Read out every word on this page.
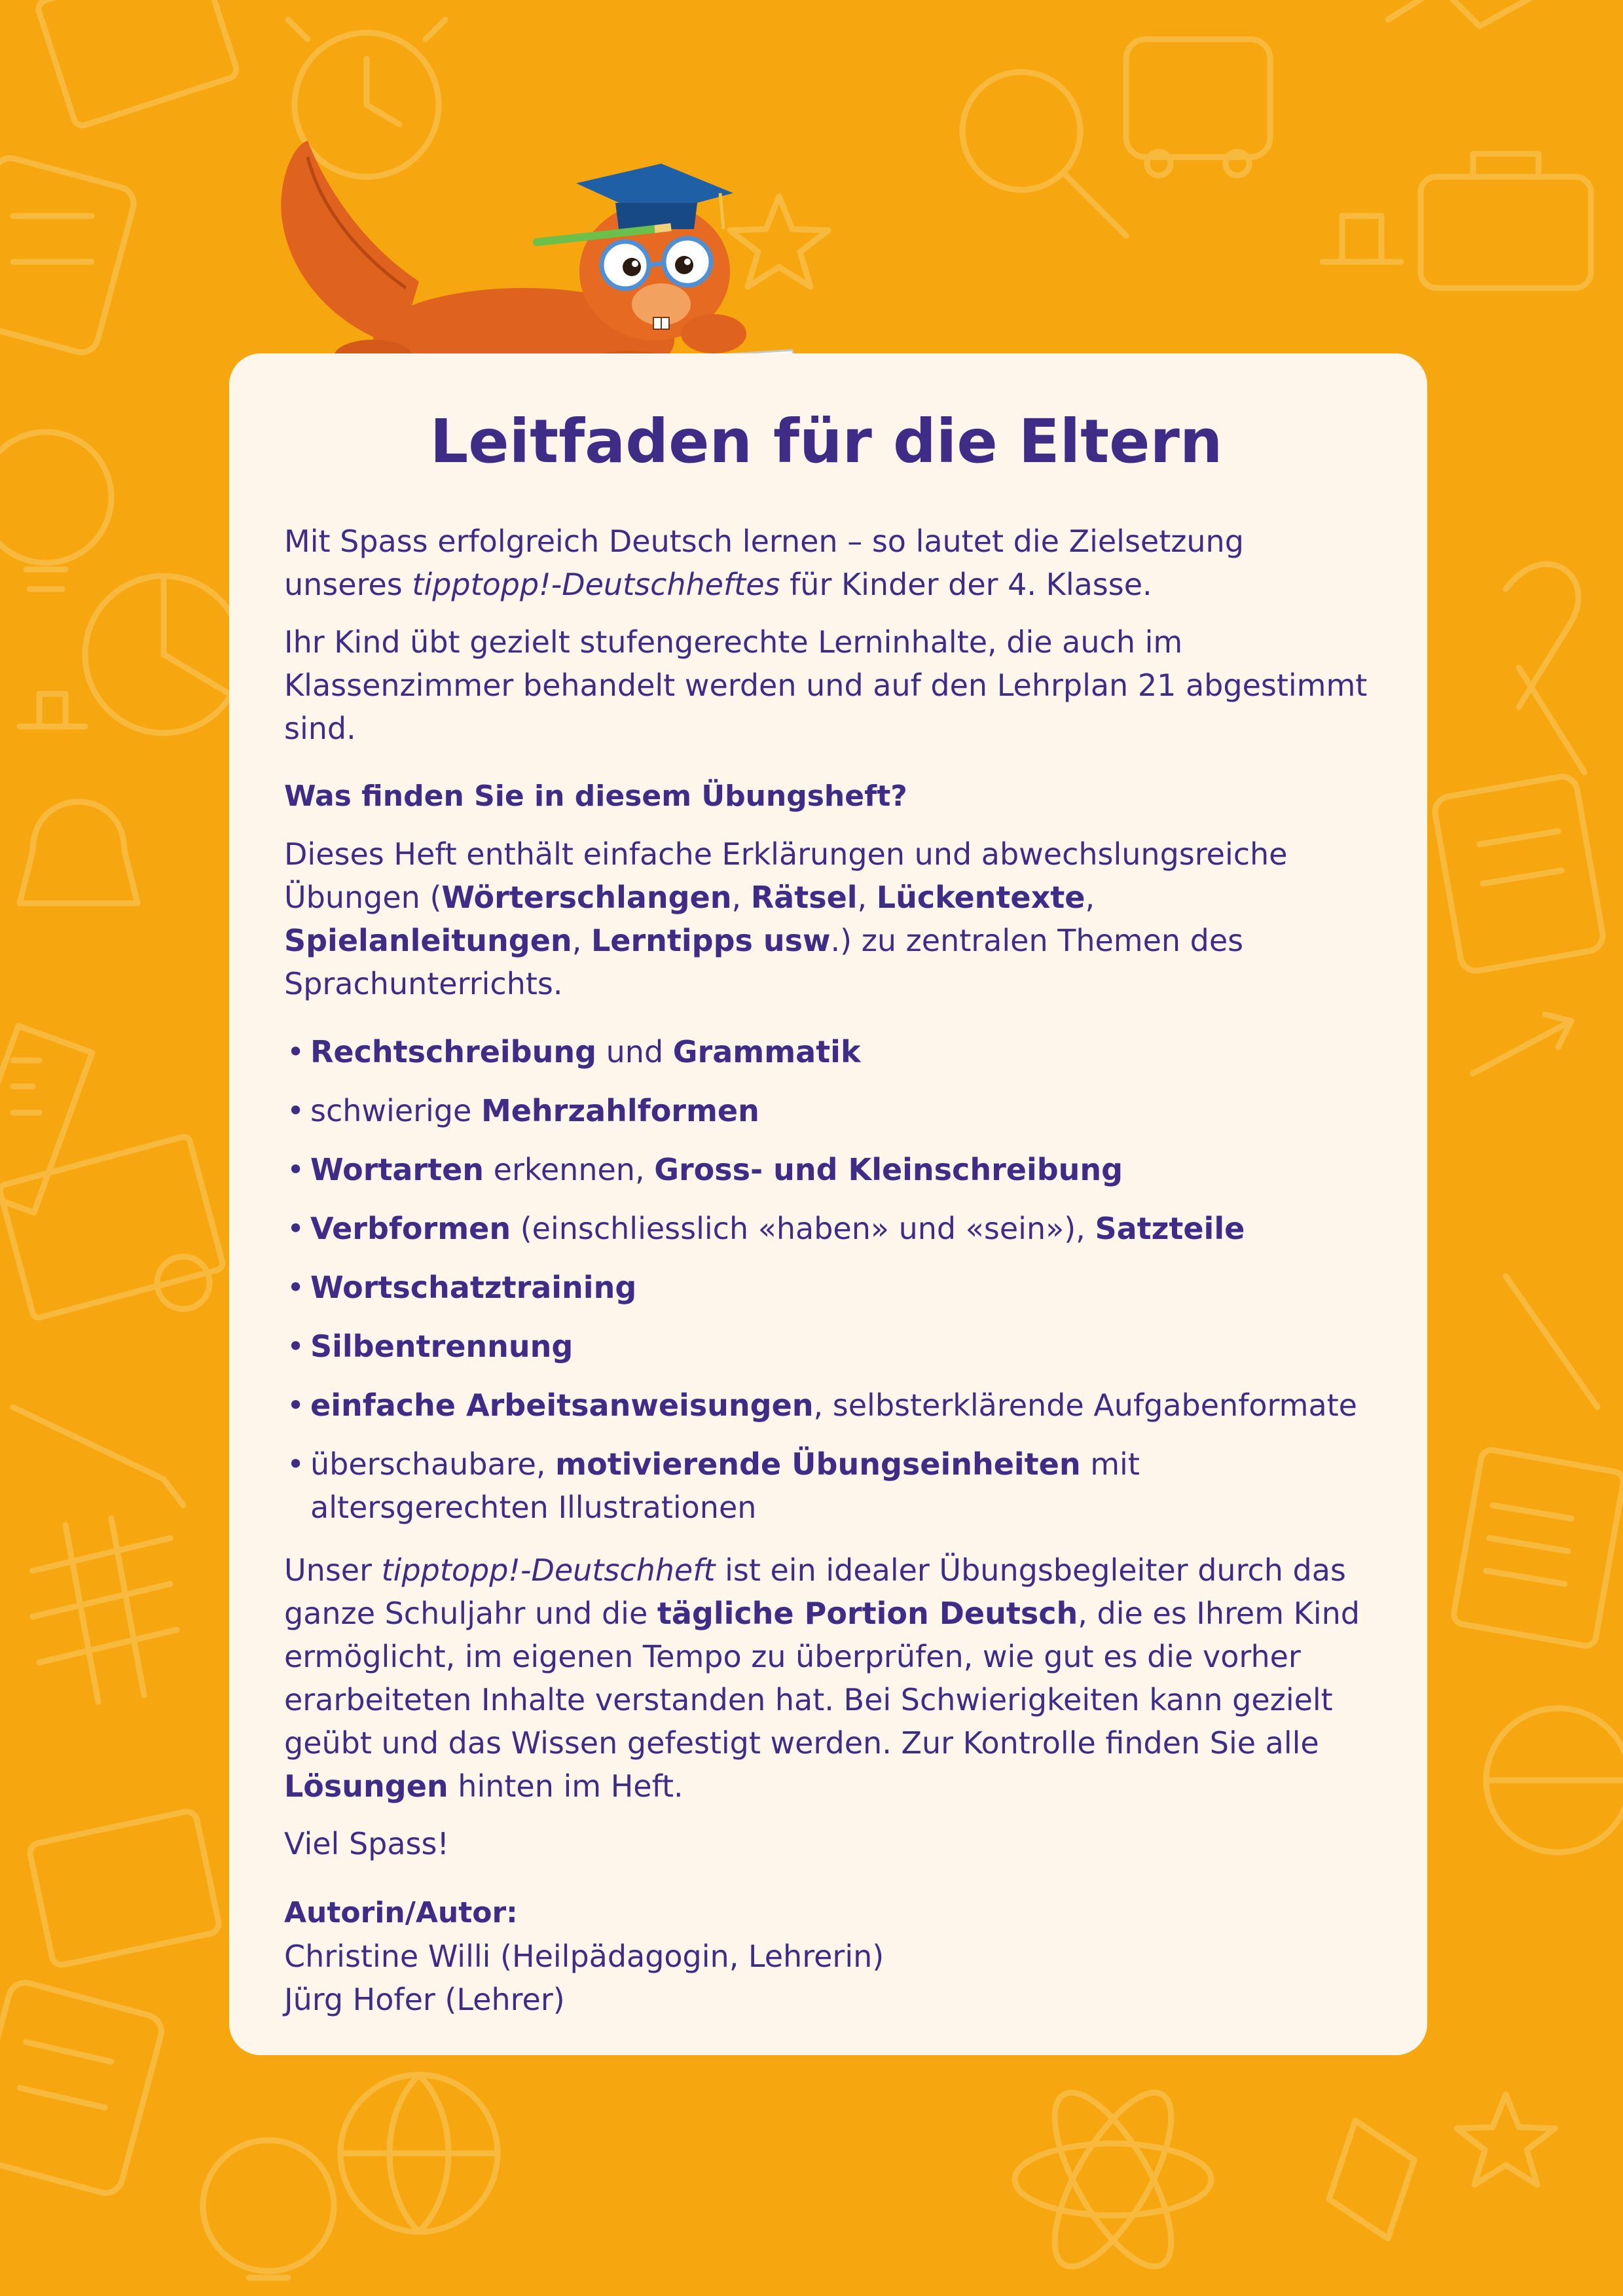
Leitfaden für die Eltern

Mit Spass erfolgreich Deutsch lernen – so lautet die Zielsetzung unseres tipptopp!-Deutschheftes für Kinder der 4. Klasse.

Ihr Kind übt gezielt stufengerechte Lerninhalte, die auch im Klassenzimmer behandelt werden und auf den Lehrplan 21 abgestimmt sind.

Was finden Sie in diesem Übungsheft?

Dieses Heft enthält einfache Erklärungen und abwechslungsreiche Übungen (Wörterschlangen, Rätsel, Lückentexte, Spielanleitungen, Lerntipps usw.) zu zentralen Themen des Sprachunterrichts.

• Rechtschreibung und Grammatik
• schwierige Mehrzahlformen
• Wortarten erkennen, Gross- und Kleinschreibung
• Verbformen (einschliesslich «haben» und «sein»), Satzteile
• Wortschatztraining
• Silbentrennung
• einfache Arbeitsanweisungen, selbsterklärende Aufgabenformate
• überschaubare, motivierende Übungseinheiten mit altersgerechten Illustrationen

Unser tipptopp!-Deutschheft ist ein idealer Übungsbegleiter durch das ganze Schuljahr und die tägliche Portion Deutsch, die es Ihrem Kind ermöglicht, im eigenen Tempo zu überprüfen, wie gut es die vorher erarbeiteten Inhalte verstanden hat. Bei Schwierigkeiten kann gezielt geübt und das Wissen gefestigt werden. Zur Kontrolle finden Sie alle Lösungen hinten im Heft.

Viel Spass!

Autorin/Autor:

Christine Willi (Heilpädagogin, Lehrerin)

Jürg Hofer (Lehrer)
